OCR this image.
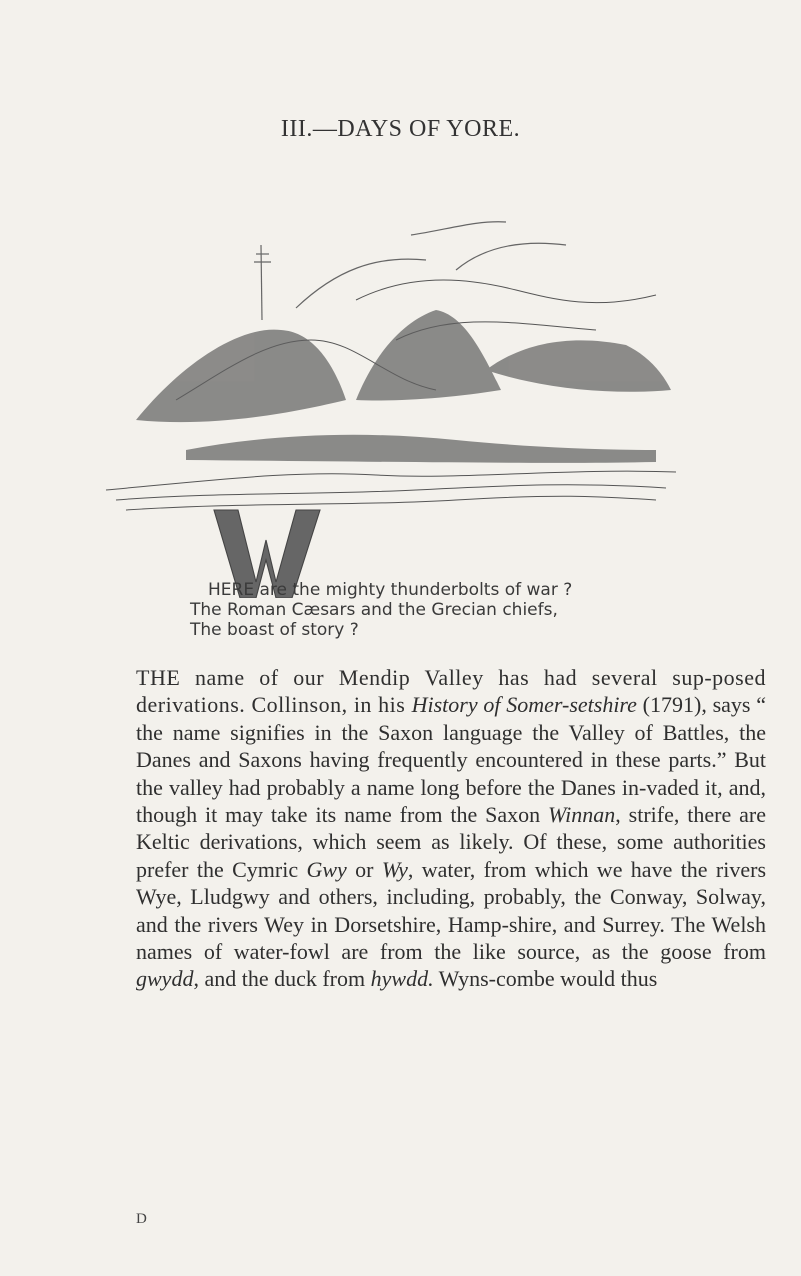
III.—DAYS OF YORE.
HERE are the mighty thunderbolts of war ?
The Roman Cæsars and the Grecian chiefs,
The boast of story ?
THE name of our Mendip Valley has had several sup-posed derivations. Collinson, in his History of Somer-setshire (1791), says “ the name signifies in the Saxon language the Valley of Battles, the Danes and Saxons having frequently encountered in these parts.” But the valley had probably a name long before the Danes in-vaded it, and, though it may take its name from the Saxon Winnan, strife, there are Keltic derivations, which seem as likely. Of these, some authorities prefer the Cymric Gwy or Wy, water, from which we have the rivers Wye, Lludgwy and others, including, probably, the Conway, Solway, and the rivers Wey in Dorsetshire, Hamp-shire, and Surrey. The Welsh names of water-fowl are from the like source, as the goose from gwydd, and the duck from hywdd. Wyns-combe would thus
D
